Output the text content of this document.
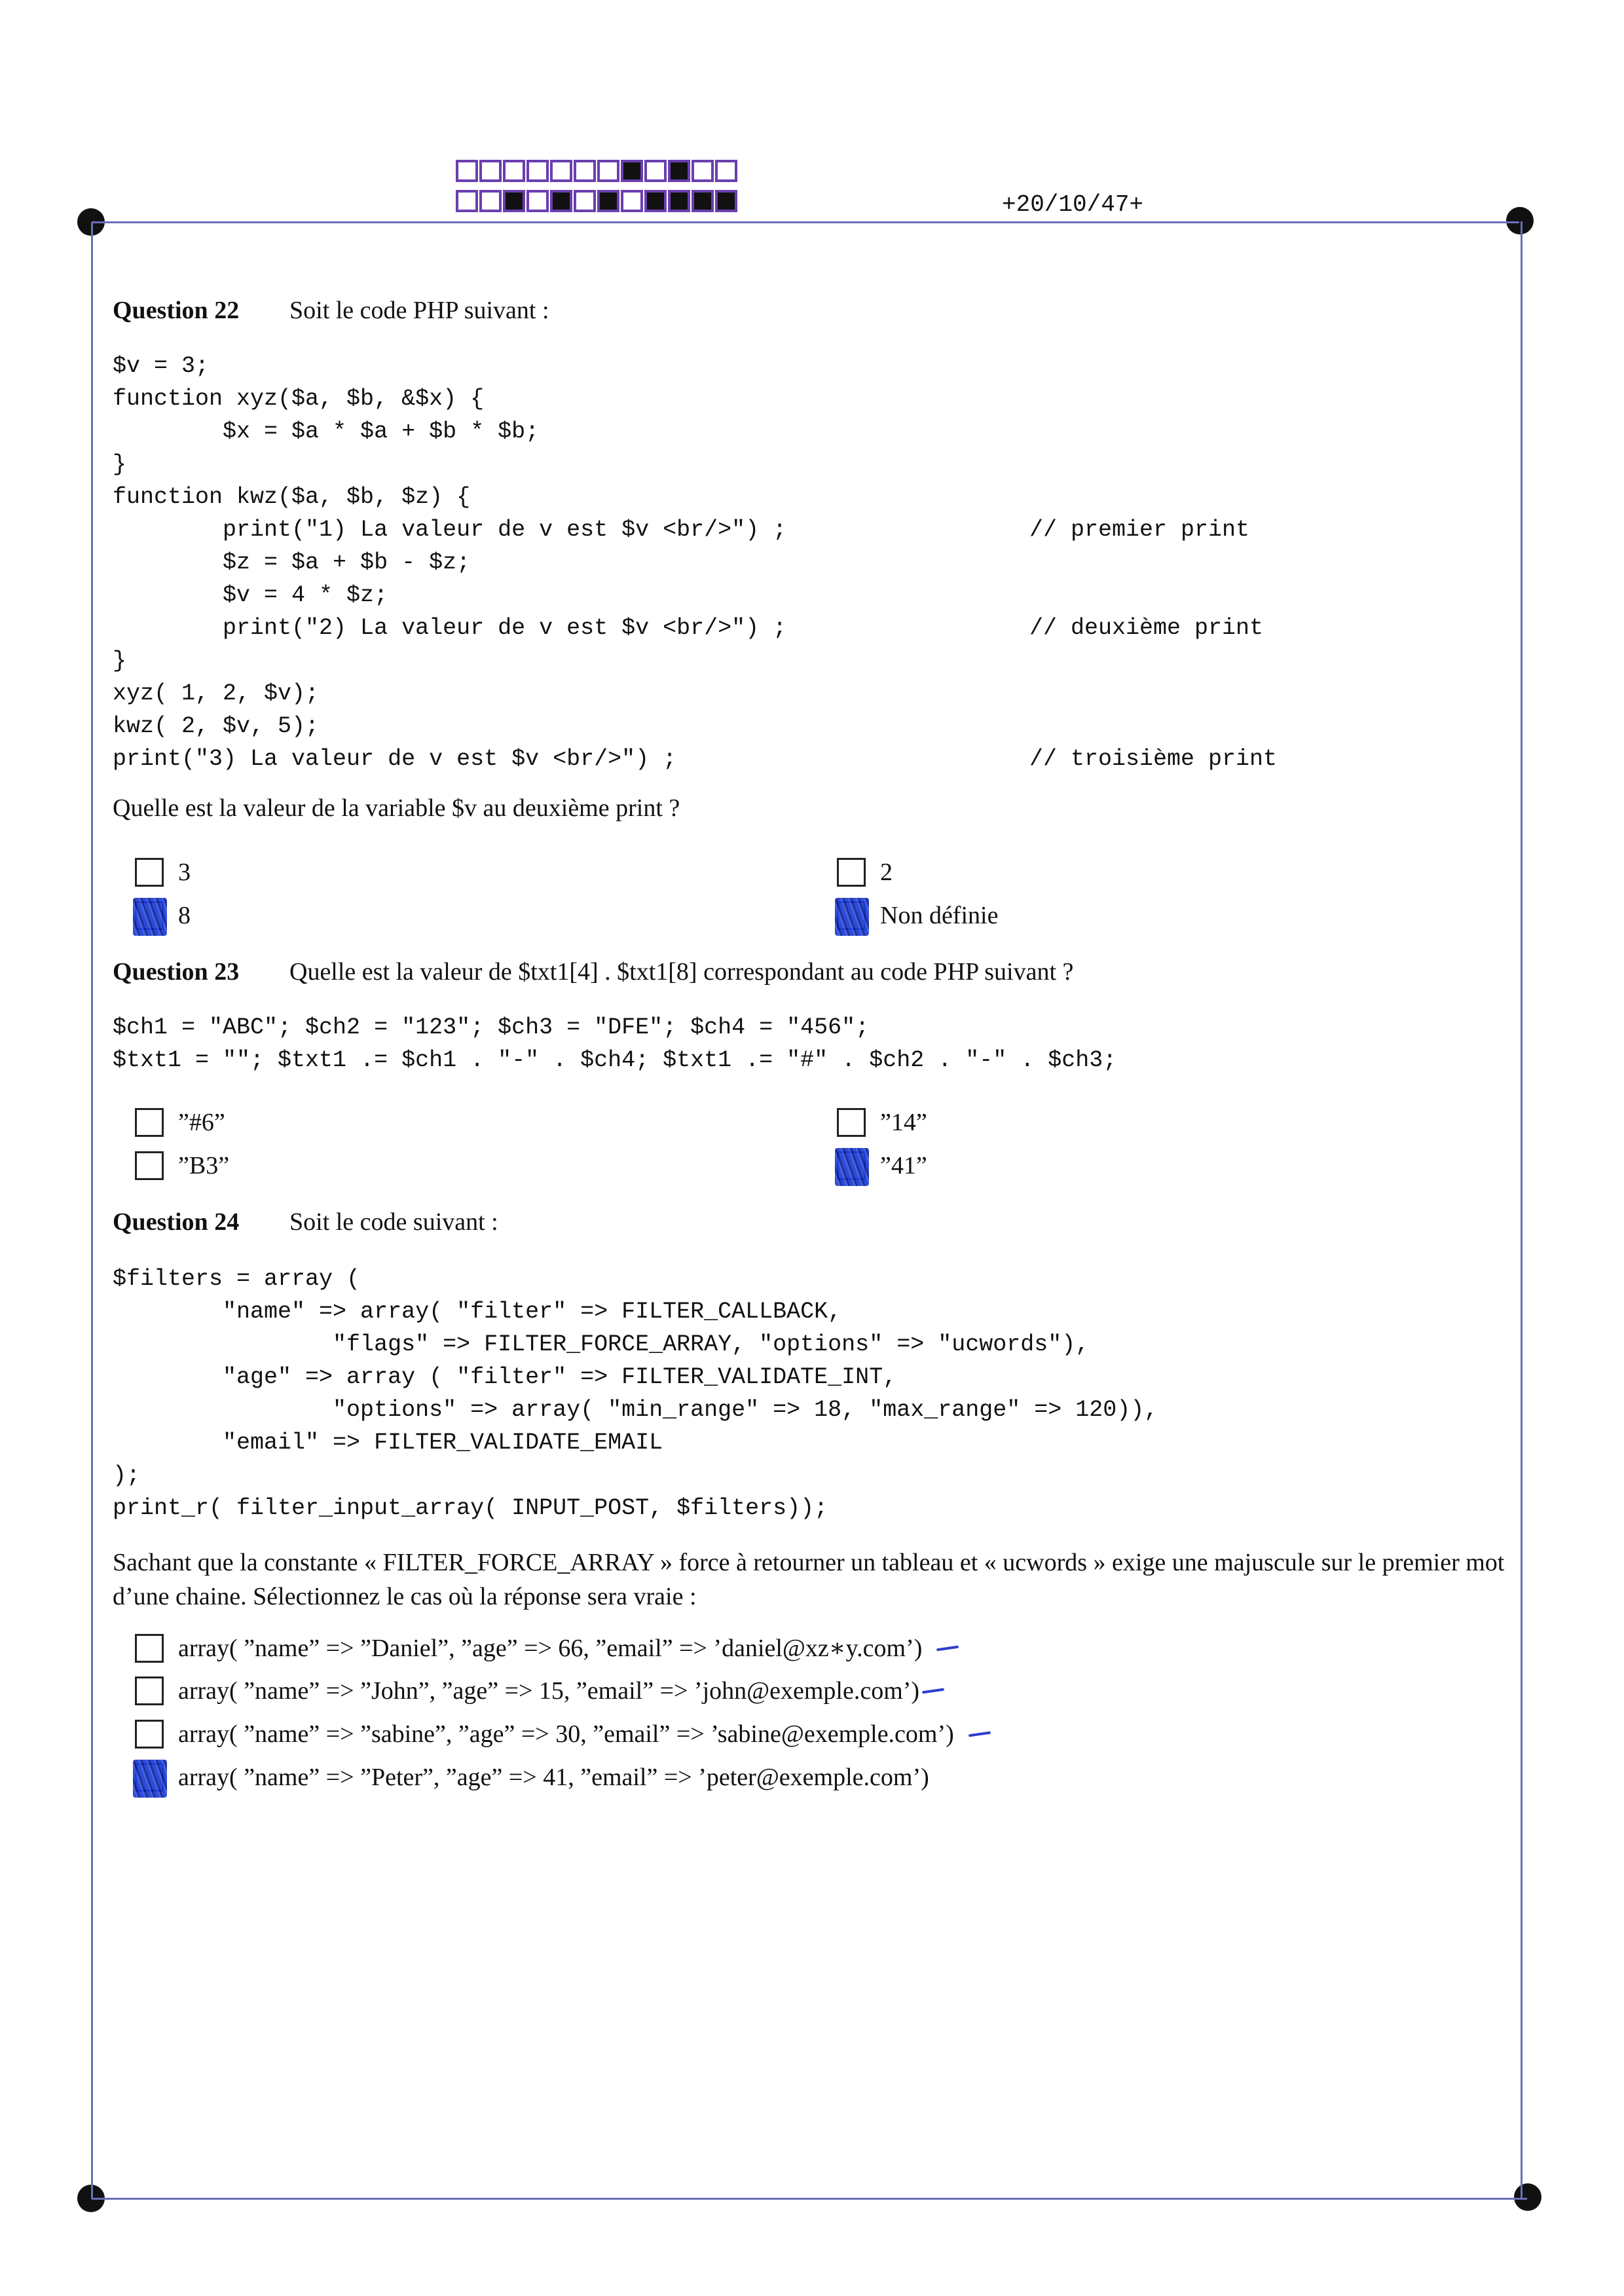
+20/10/47+
Question 22 Soit le code PHP suivant :
$v = 3;
function xyz($a, $b, &$x) {
$x = $a * $a + $b * $b;
}
function kwz($a, $b, $z) {
print("1) La valeur de v est $v <br/>") ;	// premier print
$z = $a + $b - $z;
$v = 4 * $z;
print("2) La valeur de v est $v <br/>") ;	// deuxième print
}
xyz( 1, 2, $v);
kwz( 2, $v, 5);
print("3) La valeur de v est $v <br/>") ;	// troisième print
Quelle est la valeur de la variable $v au deuxième print ?
3	2
8	Non définie
Question 23 Quelle est la valeur de $txt1[4] . $txt1[8] correspondant au code PHP suivant ?
$ch1 = "ABC"; $ch2 = "123"; $ch3 = "DFE"; $ch4 = "456";
$txt1 = ""; $txt1 .= $ch1 . "-" . $ch4; $txt1 .= "#" . $ch2 . "-" . $ch3;
”#6”	”14”
”B3”	”41”
Question 24 Soit le code suivant :
$filters = array (
"name" => array( "filter" => FILTER_CALLBACK,
"flags" => FILTER_FORCE_ARRAY, "options" => "ucwords"),
"age" => array ( "filter" => FILTER_VALIDATE_INT,
"options" => array( "min_range" => 18, "max_range" => 120)),
"email" => FILTER_VALIDATE_EMAIL
);
print_r( filter_input_array( INPUT_POST, $filters));
Sachant que la constante « FILTER_FORCE_ARRAY » force à retourner un tableau et « ucwords » exige une majuscule sur le premier mot d’une chaine. Sélectionnez le cas où la réponse sera vraie :
array( ”name” => ”Daniel”, ”age” => 66, ”email” => ’daniel@xz∗y.com’)
array( ”name” => ”John”, ”age” => 15, ”email” => ’john@exemple.com’)
array( ”name” => ”sabine”, ”age” => 30, ”email” => ’sabine@exemple.com’)
array( ”name” => ”Peter”, ”age” => 41, ”email” => ’peter@exemple.com’)
